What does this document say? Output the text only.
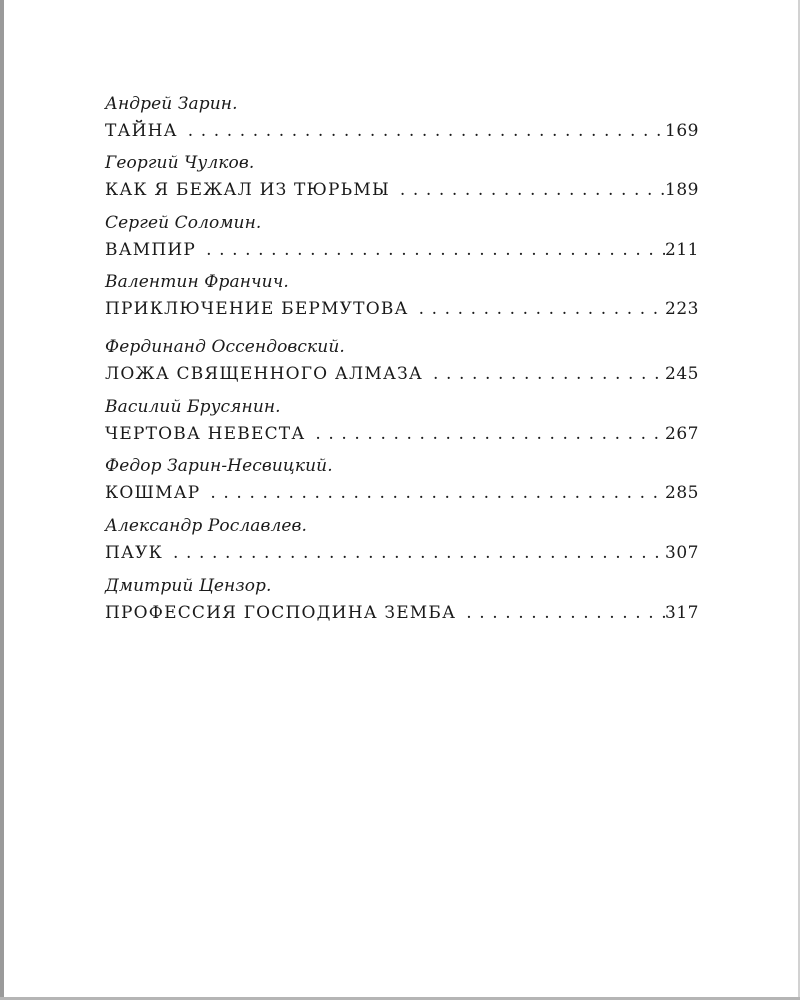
Андрей Зарин.
ТАЙНА . .	169
Георгий Чулков.
КАК Я БЕЖАЛ ИЗ ТЮРЬМЫ . .	189
Сергей Соломин.
ВАМПИР . .	211
Валентин Франчич.
ПРИКЛЮЧЕНИЕ БЕРМУТОВА . .	223
Фердинанд Оссендовский.
ЛОЖА СВЯЩЕННОГО АЛМАЗА . .	245
Василий Брусянин.
ЧЕРТОВА НЕВЕСТА . .	267
Федор Зарин-Несвицкий.
КОШМАР . .	285
Александр Рославлев.
ПАУК . .	307
Дмитрий Цензор.
ПРОФЕССИЯ ГОСПОДИНА ЗЕМБА . .	317
